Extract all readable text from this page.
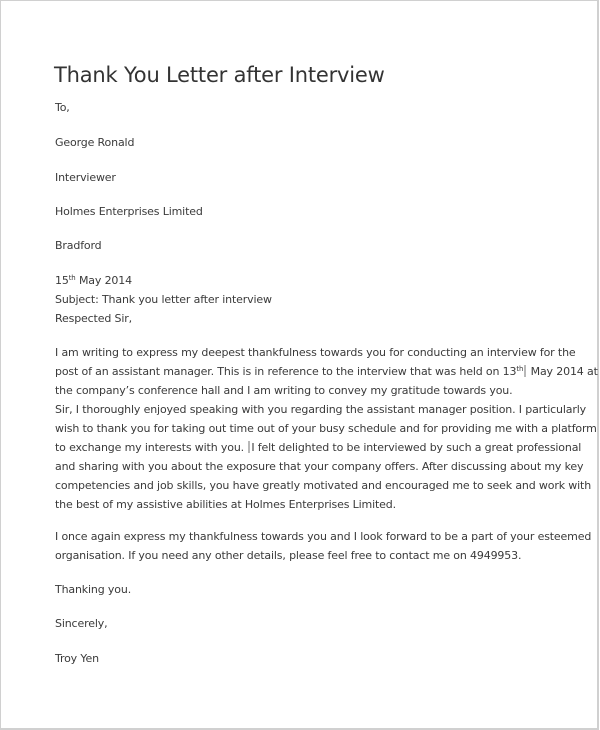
Thank You Letter after Interview
To,
George Ronald
Interviewer
Holmes Enterprises Limited
Bradford
15th May 2014
Subject: Thank you letter after interview
Respected Sir,
I am writing to express my deepest thankfulness towards you for conducting an interview for the
post of an assistant manager. This is in reference to the interview that was held on 13th May 2014 at
the company’s conference hall and I am writing to convey my gratitude towards you.
Sir, I thoroughly enjoyed speaking with you regarding the assistant manager position. I particularly
wish to thank you for taking out time out of your busy schedule and for providing me with a platform
to exchange my interests with you. I felt delighted to be interviewed by such a great professional
and sharing with you about the exposure that your company offers. After discussing about my key
competencies and job skills, you have greatly motivated and encouraged me to seek and work with
the best of my assistive abilities at Holmes Enterprises Limited.
I once again express my thankfulness towards you and I look forward to be a part of your esteemed
organisation. If you need any other details, please feel free to contact me on 4949953.
Thanking you.
Sincerely,
Troy Yen
